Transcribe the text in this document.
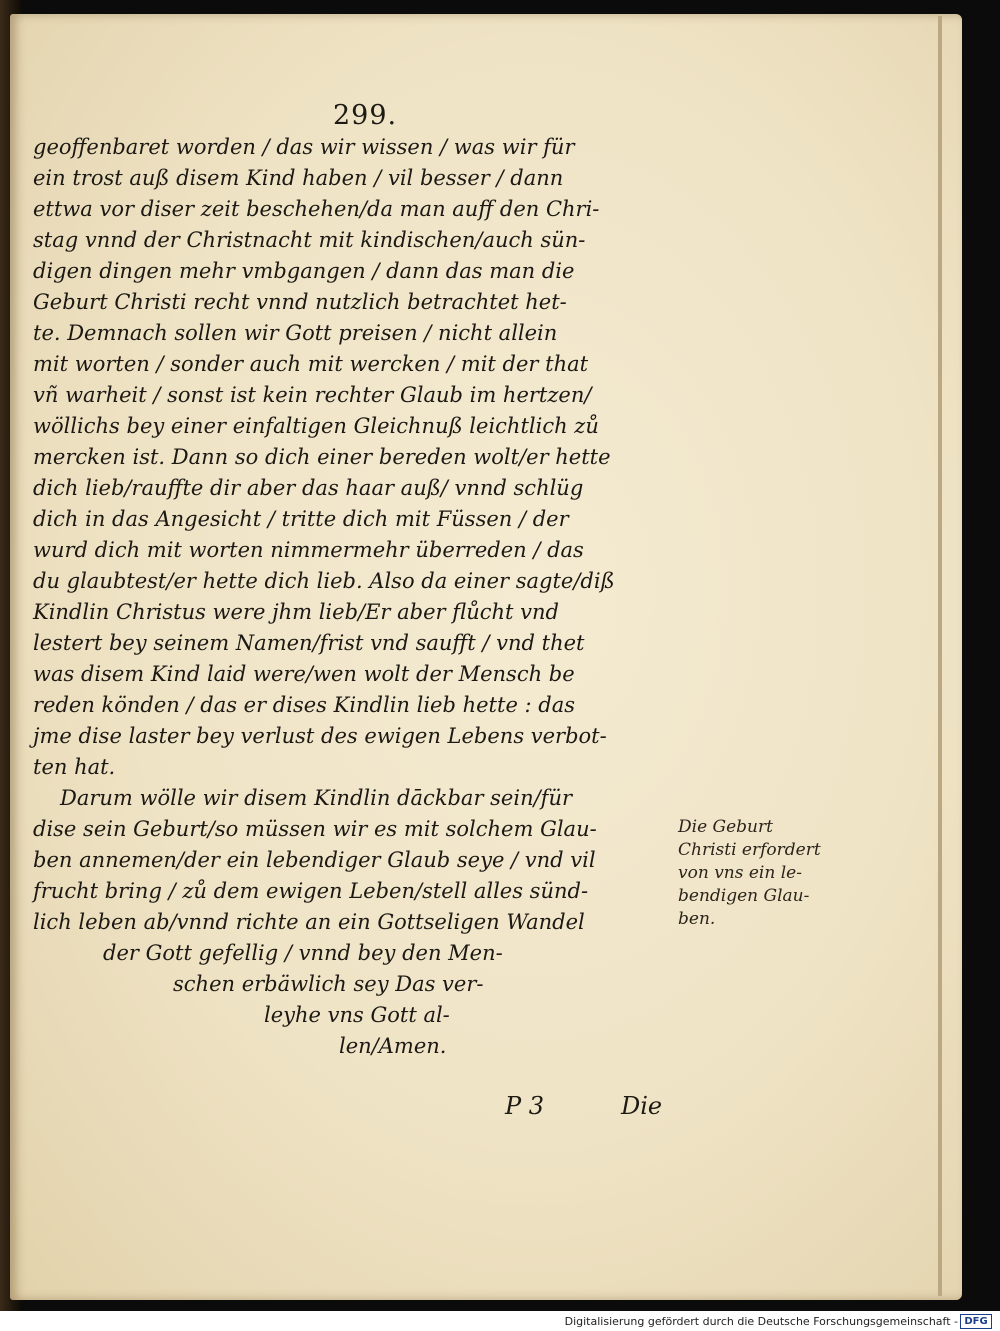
299.
geoffenbaret worden / das wir wissen / was wir für
ein trost auß disem Kind haben / vil besser / dann
ettwa vor diser zeit beschehen/da man auff den Chri-
stag vnnd der Christnacht mit kindischen/auch sün-
digen dingen mehr vmbgangen / dann das man die
Geburt Christi recht vnnd nutzlich betrachtet het-
te. Demnach sollen wir Gott preisen / nicht allein
mit worten / sonder auch mit wercken / mit der that
vñ warheit / sonst ist kein rechter Glaub im hertzen/
wöllichs bey einer einfaltigen Gleichnuß leichtlich zů
mercken ist. Dann so dich einer bereden wolt/er hette
dich lieb/rauffte dir aber das haar auß/ vnnd schlüg
dich in das Angesicht / tritte dich mit Füssen / der
wurd dich mit worten nimmermehr überreden / das
du glaubtest/er hette dich lieb. Also da einer sagte/diß
Kindlin Christus were jhm lieb/Er aber flůcht vnd
lestert bey seinem Namen/frist vnd saufft / vnd thet
was disem Kind laid were/wen wolt der Mensch be
reden könden / das er dises Kindlin lieb hette : das
jme dise laster bey verlust des ewigen Lebens verbot-
ten hat.
Darum wölle wir disem Kindlin dāckbar sein/für
dise sein Geburt/so müssen wir es mit solchem Glau-
ben annemen/der ein lebendiger Glaub seye / vnd vil
frucht bring / zů dem ewigen Leben/stell alles sünd-
lich leben ab/vnnd richte an ein Gottseligen Wandel
der Gott gefellig / vnnd bey den Men-
schen erbäwlich sey Das ver-
leyhe vns Gott al-
len/Amen.
Die Geburt
Christi erfordert
von vns ein le-
bendigen Glau-
ben.
P 3	Die
Digitalisierung gefördert durch die Deutsche Forschungsgemeinschaft - DFG
